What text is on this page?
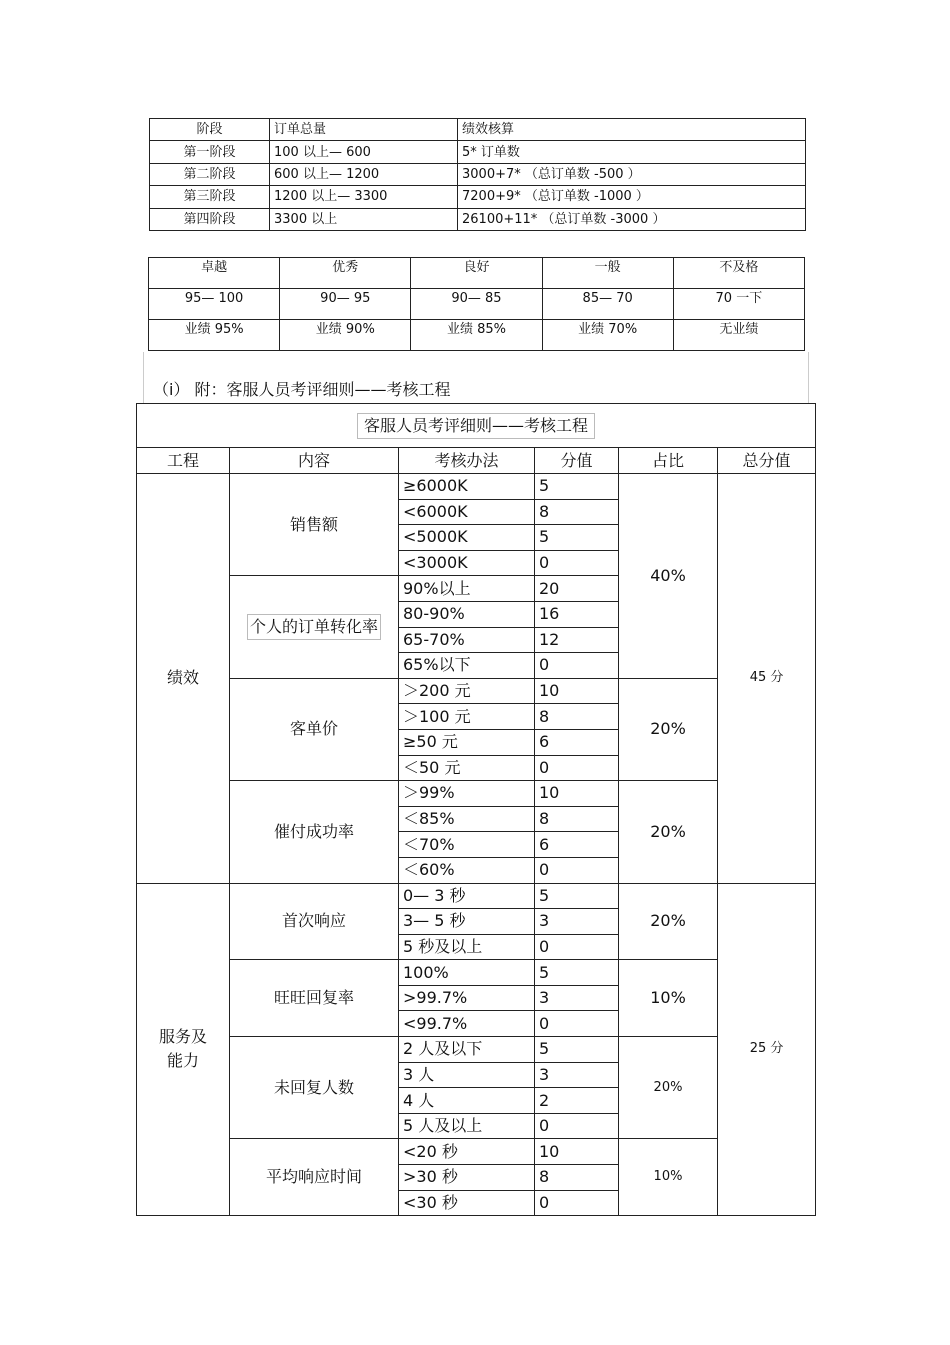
阶段	订单总量	绩效核算
第一阶段	100 以上— 600	5* 订单数
第二阶段	600 以上— 1200	3000+7* （总订单数 -500 ）
第三阶段	1200 以上— 3300	7200+9* （总订单数 -1000 ）
第四阶段	3300 以上	26100+11* （总订单数 -3000 ）
卓越	优秀	良好	一般	不及格
95— 100	90— 95	90— 85	85— 70	70 一下
业绩 95%	业绩 90%	业绩 85%	业绩 70%	无业绩
（i） 附：客服人员考评细则——考核工程
客服人员考评细则——考核工程					
工程	内容	考核办法	分值	占比	总分值
绩效	销售额	≥6000K	5	40%	45 分
		<6000K	8		
		<5000K	5		
		<3000K	0		
	个人的订单转化率	90%以上	20		
		80-90%	16		
		65-70%	12		
		65%以下	0		
	客单价	＞200 元	10	20%	
		＞100 元	8		
		≥50 元	6		
		＜50 元	0		
	催付成功率	＞99%	10	20%	
		＜85%	8		
		＜70%	6		
		＜60%	0		
服务及能力	首次响应	0— 3 秒	5	20%	25 分
		3— 5 秒	3		
		5 秒及以上	0		
	旺旺回复率	100%	5	10%	
		>99.7%	3		
		<99.7%	0		
	未回复人数	2 人及以下	5	20%	
		3 人	3		
		4 人	2		
		5 人及以上	0		
	平均响应时间	<20 秒	10	10%	
		>30 秒	8		
		<30 秒	0		
